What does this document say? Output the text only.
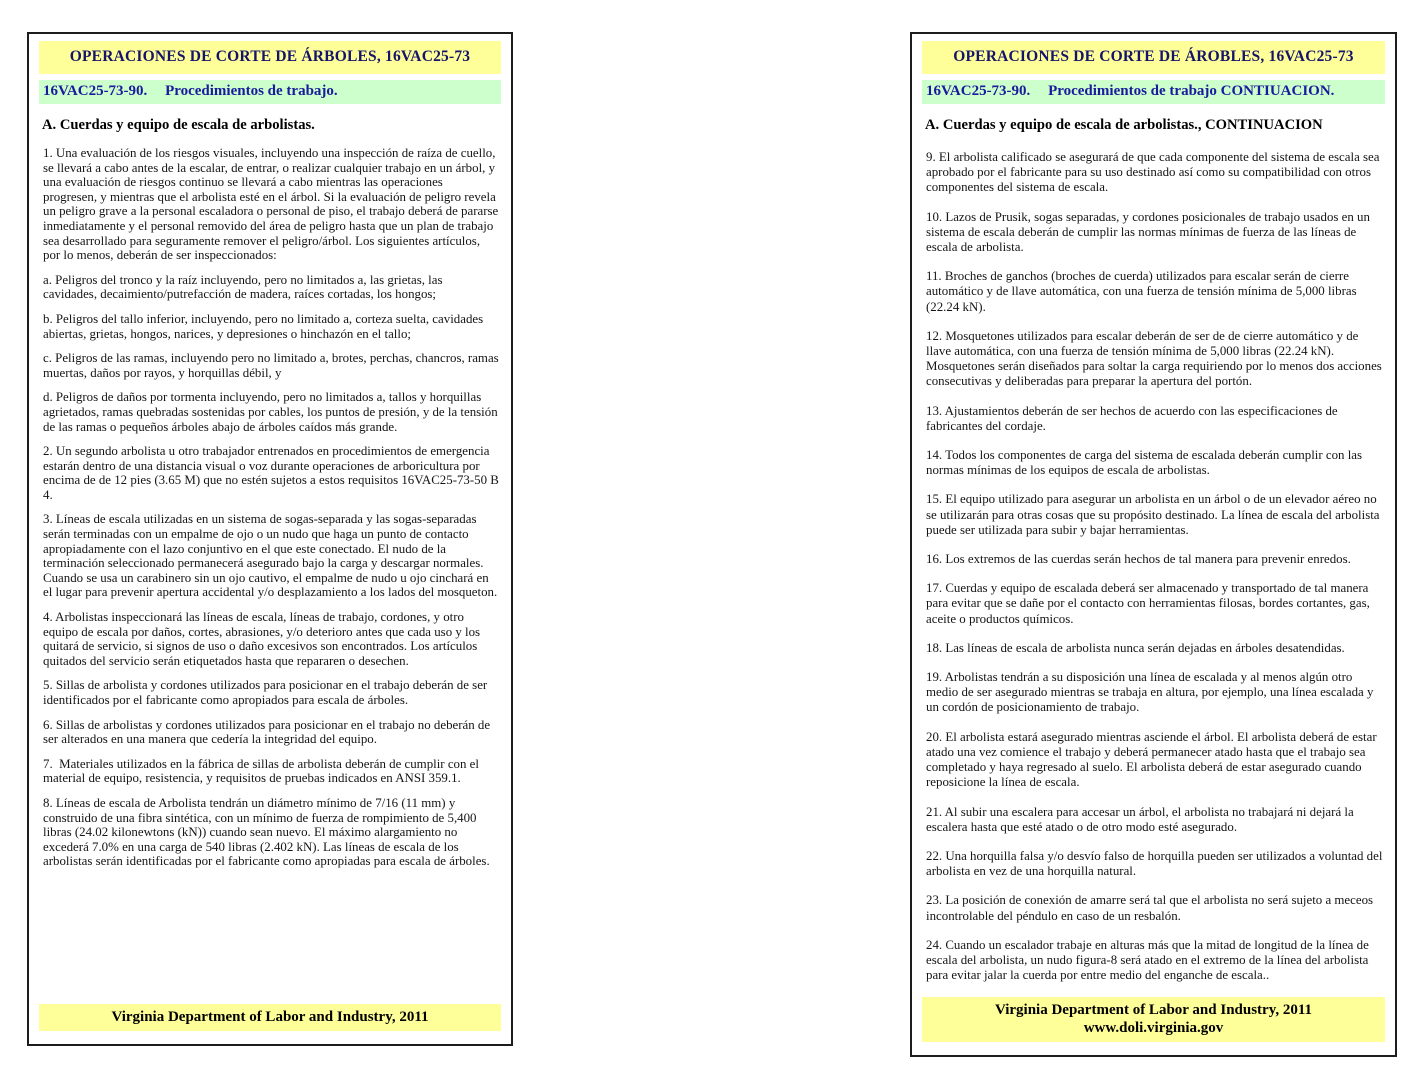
OPERACIONES DE CORTE DE ÁRBOLES, 16VAC25-73
16VAC25-73-90. Procedimientos de trabajo.
A. Cuerdas y equipo de escala de arbolistas.

1. Una evaluación de los riesgos visuales, incluyendo una inspección de raíza de cuello, se llevará a cabo antes de la escalar, de entrar, o realizar cualquier trabajo en un árbol, y una evaluación de riesgos continuo se llevará a cabo mientras las operaciones progresen, y mientras que el arbolista esté en el árbol. Si la evaluación de peligro revela un peligro grave a la personal escaladora o personal de piso, el trabajo deberá de pararse inmediatamente y el personal removido del área de peligro hasta que un plan de trabajo sea desarrollado para seguramente remover el peligro/árbol. Los siguientes artículos, por lo menos, deberán de ser inspeccionados:

a. Peligros del tronco y la raíz incluyendo, pero no limitados a, las grietas, las cavidades, decaimiento/putrefacción de madera, raíces cortadas, los hongos;

b. Peligros del tallo inferior, incluyendo, pero no limitado a, corteza suelta, cavidades abiertas, grietas, hongos, narices, y depresiones o hinchazón en el tallo;

c. Peligros de las ramas, incluyendo pero no limitado a, brotes, perchas, chancros, ramas muertas, daños por rayos, y horquillas débil, y

d. Peligros de daños por tormenta incluyendo, pero no limitados a, tallos y horquillas agrietados, ramas quebradas sostenidas por cables, los puntos de presión, y de la tensión de las ramas o pequeños árboles abajo de árboles caídos más grande.

2. Un segundo arbolista u otro trabajador entrenados en procedimientos de emergencia estarán dentro de una distancia visual o voz durante operaciones de arboricultura por encima de de 12 pies (3.65 M) que no estén sujetos a estos requisitos 16VAC25-73-50 B 4.

3. Líneas de escala utilizadas en un sistema de sogas-separada y las sogas-separadas serán terminadas con un empalme de ojo o un nudo que haga un punto de contacto apropiadamente con el lazo conjuntivo en el que este conectado. El nudo de la terminación seleccionado permanecerá asegurado bajo la carga y descargar normales. Cuando se usa un carabinero sin un ojo cautivo, el empalme de nudo u ojo cinchará en el lugar para prevenir apertura accidental y/o desplazamiento a los lados del mosqueton.

4. Arbolistas inspeccionará las líneas de escala, líneas de trabajo, cordones, y otro equipo de escala por daños, cortes, abrasiones, y/o deterioro antes que cada uso y los quitará de servicio, si signos de uso o daño excesivos son encontrados. Los artículos quitados del servicio serán etiquetados hasta que repararen o desechen.

5. Sillas de arbolista y cordones utilizados para posicionar en el trabajo deberán de ser identificados por el fabricante como apropiados para escala de árboles.

6. Sillas de arbolistas y cordones utilizados para posicionar en el trabajo no deberán de ser alterados en una manera que cedería la integridad del equipo.

7.  Materiales utilizados en la fábrica de sillas de arbolista deberán de cumplir con el material de equipo, resistencia, y requisitos de pruebas indicados en ANSI 359.1.

8. Líneas de escala de Arbolista tendrán un diámetro mínimo de 7/16 (11 mm) y construido de una fibra sintética, con un mínimo de fuerza de rompimiento de 5,400 libras (24.02 kilonewtons (kN)) cuando sean nuevo. El máximo alargamiento no excederá 7.0% en una carga de 540 libras (2.402 kN). Las líneas de escala de los arbolistas serán identificadas por el fabricante como apropiadas para escala de árboles.

Virginia Department of Labor and Industry, 2011
OPERACIONES DE CORTE DE ÁROBLES, 16VAC25-73
16VAC25-73-90. Procedimientos de trabajo CONTIUACION.
A. Cuerdas y equipo de escala de arbolistas., CONTINUACION

9. El arbolista calificado se asegurará de que cada componente del sistema de escala sea aprobado por el fabricante para su uso destinado así como su compatibilidad con otros componentes del sistema de escala.

10. Lazos de Prusik, sogas separadas, y cordones posicionales de trabajo usados en un sistema de escala deberán de cumplir las normas mínimas de fuerza de las líneas de escala de arbolista.

11. Broches de ganchos (broches de cuerda) utilizados para escalar serán de cierre automático y de llave automática, con una fuerza de tensión mínima de 5,000 libras (22.24 kN).

12. Mosquetones utilizados para escalar deberán de ser de de cierre automático y de llave automática, con una fuerza de tensión mínima de 5,000 libras (22.24 kN). Mosquetones serán diseñados para soltar la carga requiriendo por lo menos dos acciones consecutivas y deliberadas para preparar la apertura del portón.

13. Ajustamientos deberán de ser hechos de acuerdo con las especificaciones de fabricantes del cordaje.

14. Todos los componentes de carga del sistema de escalada deberán cumplir con las normas mínimas de los equipos de escala de arbolistas.

15. El equipo utilizado para asegurar un arbolista en un árbol o de un elevador aéreo no se utilizarán para otras cosas que su propósito destinado. La línea de escala del arbolista puede ser utilizada para subir y bajar herramientas.

16. Los extremos de las cuerdas serán hechos de tal manera para prevenir enredos.

17. Cuerdas y equipo de escalada deberá ser almacenado y transportado de tal manera para evitar que se dañe por el contacto con herramientas filosas, bordes cortantes, gas, aceite o productos químicos.

18. Las líneas de escala de arbolista nunca serán dejadas en árboles desatendidas.

19. Arbolistas tendrán a su disposición una línea de escalada y al menos algún otro medio de ser asegurado mientras se trabaja en altura, por ejemplo, una línea escalada y un cordón de posicionamiento de trabajo.

20. El arbolista estará asegurado mientras asciende el árbol. El arbolista deberá de estar atado una vez comience el trabajo y deberá permanecer atado hasta que el trabajo sea completado y haya regresado al suelo. El arbolista deberá de estar asegurado cuando reposicione la línea de escala.

21. Al subir una escalera para accesar un árbol, el arbolista no trabajará ni dejará la escalera hasta que esté atado o de otro modo esté asegurado.

22. Una horquilla falsa y/o desvío falso de horquilla pueden ser utilizados a voluntad del arbolista en vez de una horquilla natural.

23. La posición de conexión de amarre será tal que el arbolista no será sujeto a meceos incontrolable del péndulo en caso de un resbalón.

24. Cuando un escalador trabaje en alturas más que la mitad de longitud de la línea de escala del arbolista, un nudo figura-8 será atado en el extremo de la línea del arbolista para evitar jalar la cuerda por entre medio del enganche de escala..

Virginia Department of Labor and Industry, 2011
www.doli.virginia.gov
